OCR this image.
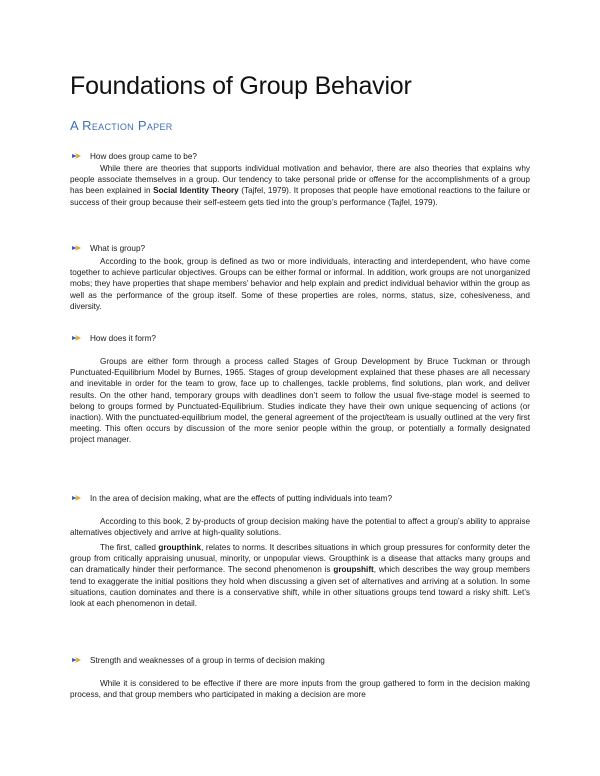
Foundations of Group Behavior
A Reaction Paper
How does group came to be?
While there are theories that supports individual motivation and behavior, there are also theories that explains why people associate themselves in a group. Our tendency to take personal pride or offense for the accomplishments of a group has been explained in Social Identity Theory (Tajfel, 1979). It proposes that people have emotional reactions to the failure or success of their group because their self-esteem gets tied into the group’s performance (Tajfel, 1979).
What is group?
According to the book, group is defined as two or more individuals, interacting and interdependent, who have come together to achieve particular objectives. Groups can be either formal or informal. In addition, work groups are not unorganized mobs; they have properties that shape members’ behavior and help explain and predict individual behavior within the group as well as the performance of the group itself. Some of these properties are roles, norms, status, size, cohesiveness, and diversity.
How does it form?
Groups are either form through a process called Stages of Group Development by Bruce Tuckman or through Punctuated-Equilibrium Model by Burnes, 1965. Stages of group development explained that these phases are all necessary and inevitable in order for the team to grow, face up to challenges, tackle problems, find solutions, plan work, and deliver results. On the other hand, temporary groups with deadlines don’t seem to follow the usual five-stage model is seemed to belong to groups formed by Punctuated-Equilibrium. Studies indicate they have their own unique sequencing of actions (or inaction). With the punctuated-equilibrium model, the general agreement of the project/team is usually outlined at the very first meeting. This often occurs by discussion of the more senior people within the group, or potentially a formally designated project manager.
In the area of decision making, what are the effects of putting individuals into team?
According to this book, 2 by-products of group decision making have the potential to affect a group’s ability to appraise alternatives objectively and arrive at high-quality solutions.
The first, called groupthink, relates to norms. It describes situations in which group pressures for conformity deter the group from critically appraising unusual, minority, or unpopular views. Groupthink is a disease that attacks many groups and can dramatically hinder their performance. The second phenomenon is groupshift, which describes the way group members tend to exaggerate the initial positions they hold when discussing a given set of alternatives and arriving at a solution. In some situations, caution dominates and there is a conservative shift, while in other situations groups tend toward a risky shift. Let’s look at each phenomenon in detail.
Strength and weaknesses of a group in terms of decision making
While it is considered to be effective if there are more inputs from the group gathered to form in the decision making process, and that group members who participated in making a decision are more
